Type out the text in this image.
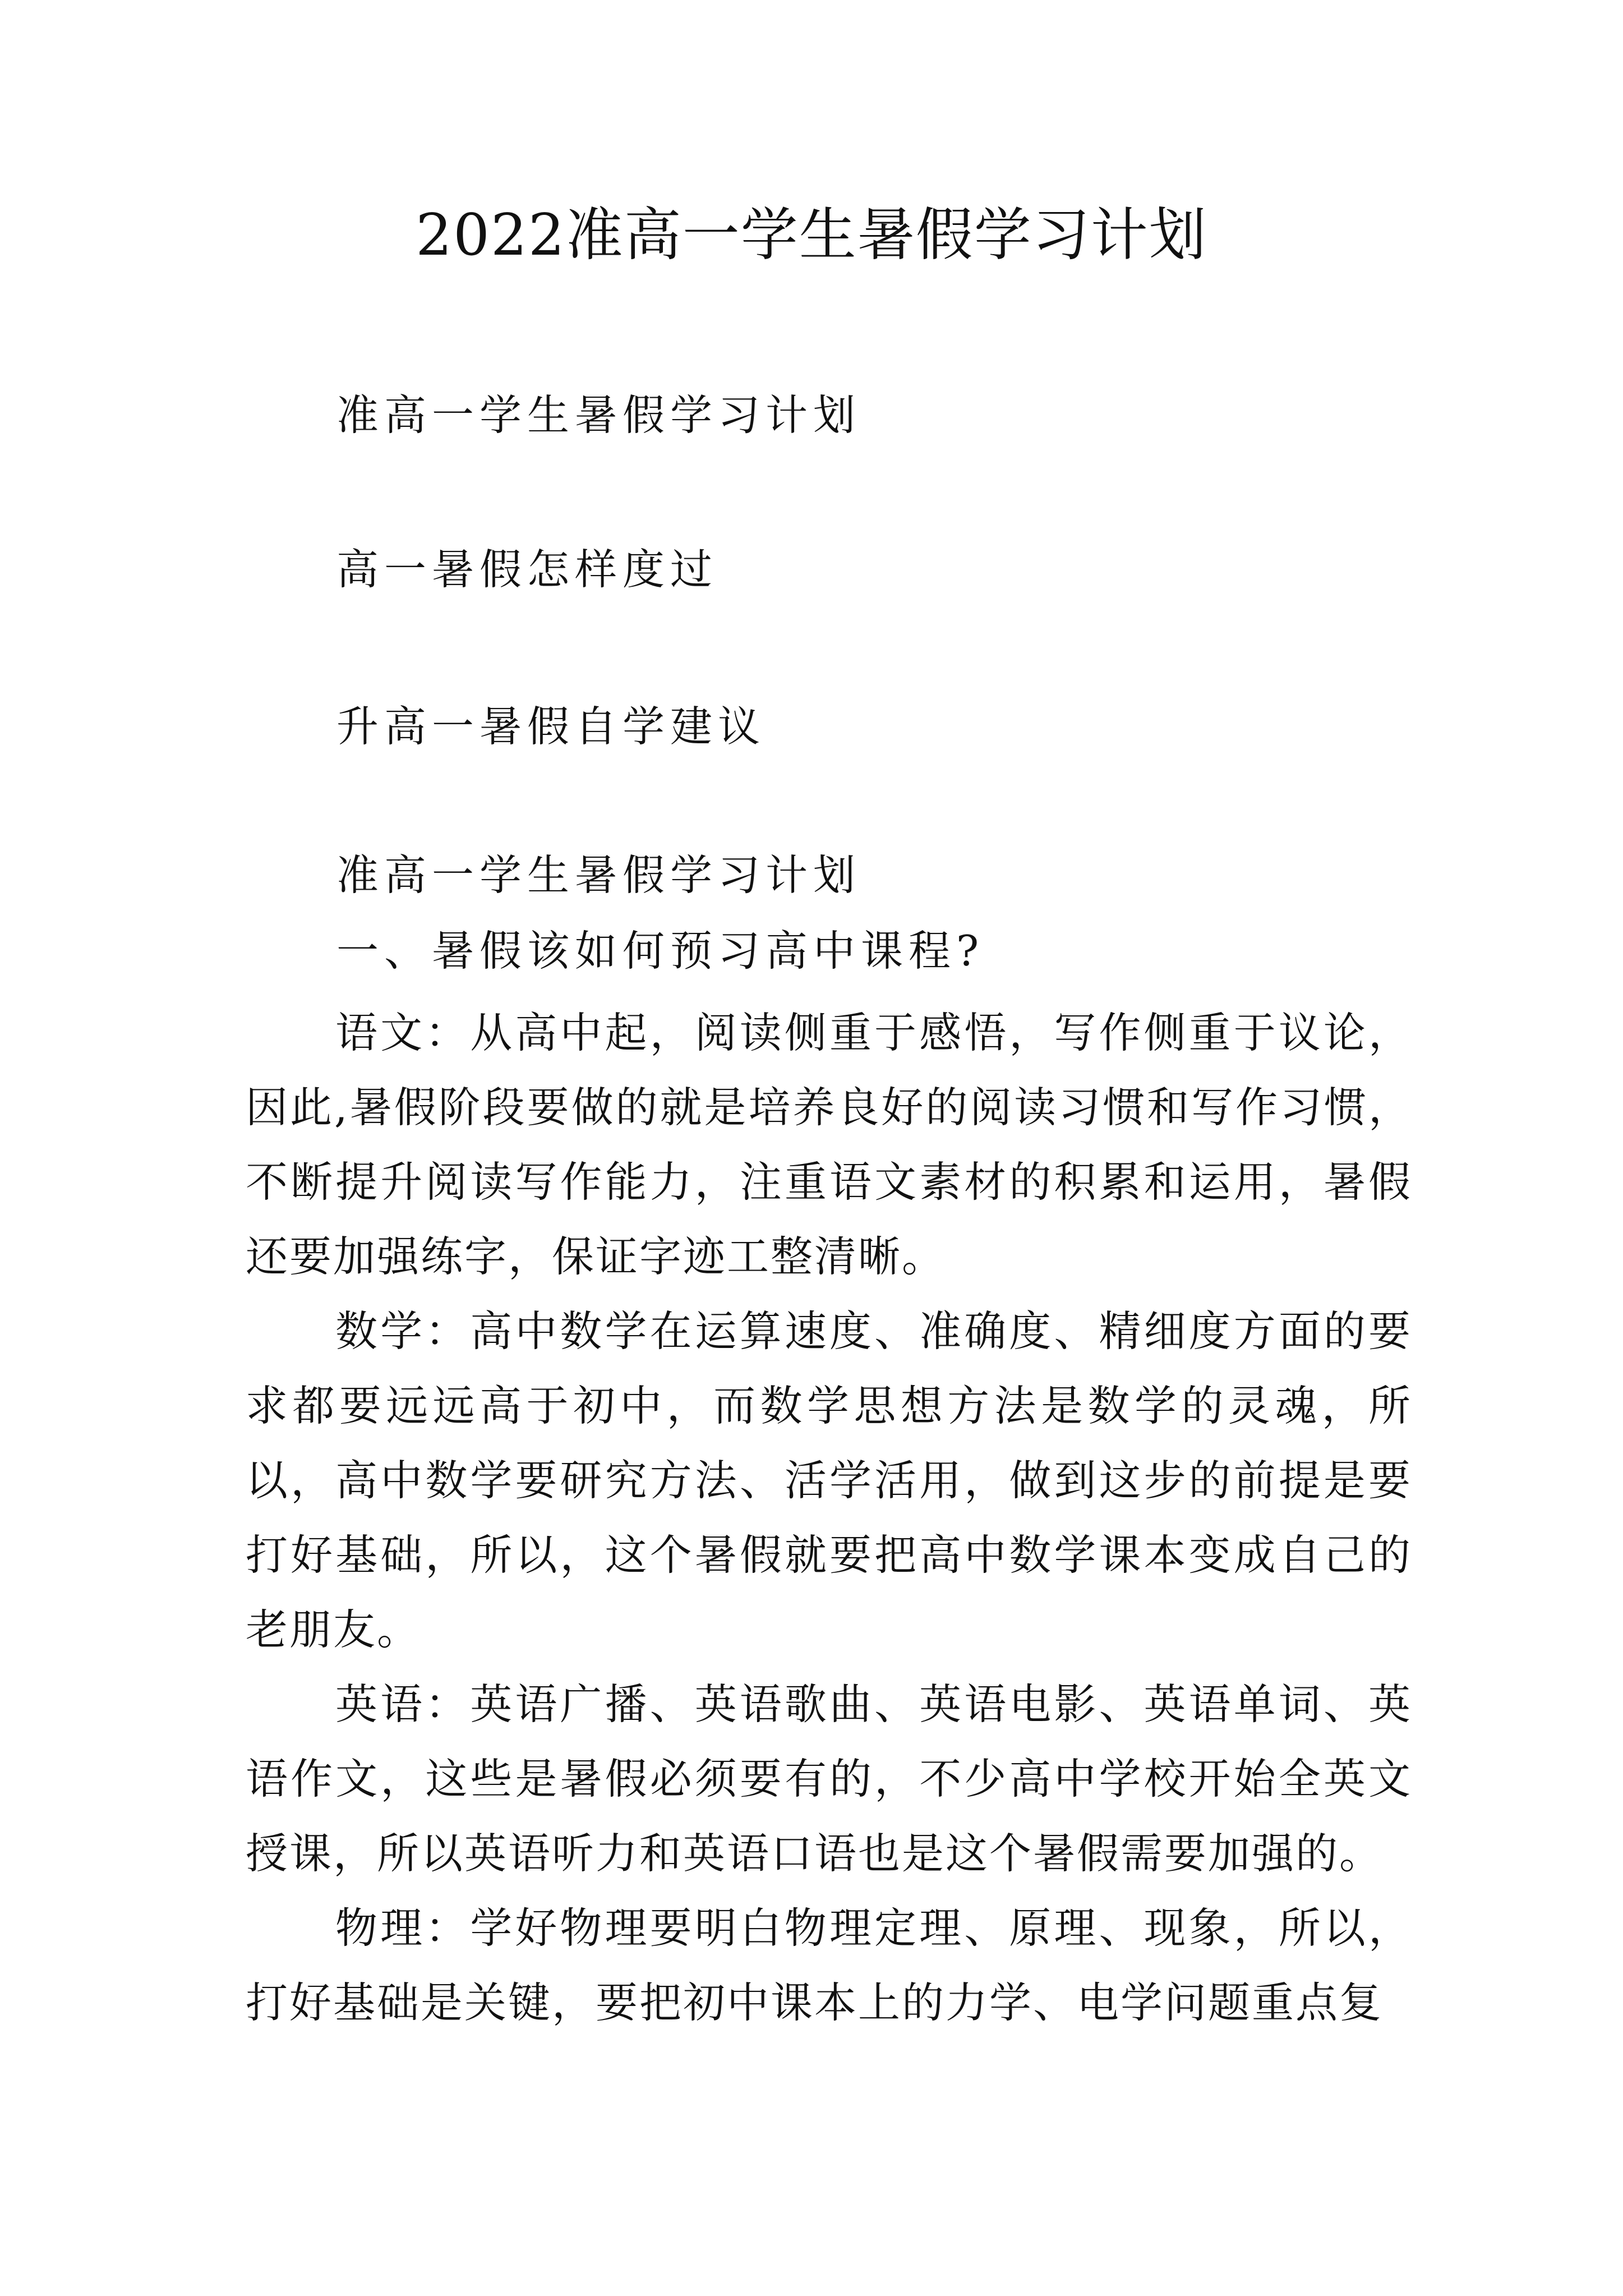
2022准高一学生暑假学习计划
准高一学生暑假学习计划
高一暑假怎样度过
升高一暑假自学建议
准高一学生暑假学习计划
一、暑假该如何预习高中课程?

语文：从高中起，阅读侧重于感悟，写作侧重于议论，因此,暑假阶段要做的就是培养良好的阅读习惯和写作习惯，不断提升阅读写作能力，注重语文素材的积累和运用，暑假还要加强练字，保证字迹工整清晰。

数学：高中数学在运算速度、准确度、精细度方面的要求都要远远高于初中，而数学思想方法是数学的灵魂，所以，高中数学要研究方法、活学活用，做到这步的前提是要打好基础，所以，这个暑假就要把高中数学课本变成自己的老朋友。

英语：英语广播、英语歌曲、英语电影、英语单词、英语作文，这些是暑假必须要有的，不少高中学校开始全英文授课，所以英语听力和英语口语也是这个暑假需要加强的。

物理：学好物理要明白物理定理、原理、现象，所以，打好基础是关键，要把初中课本上的力学、电学问题重点复
